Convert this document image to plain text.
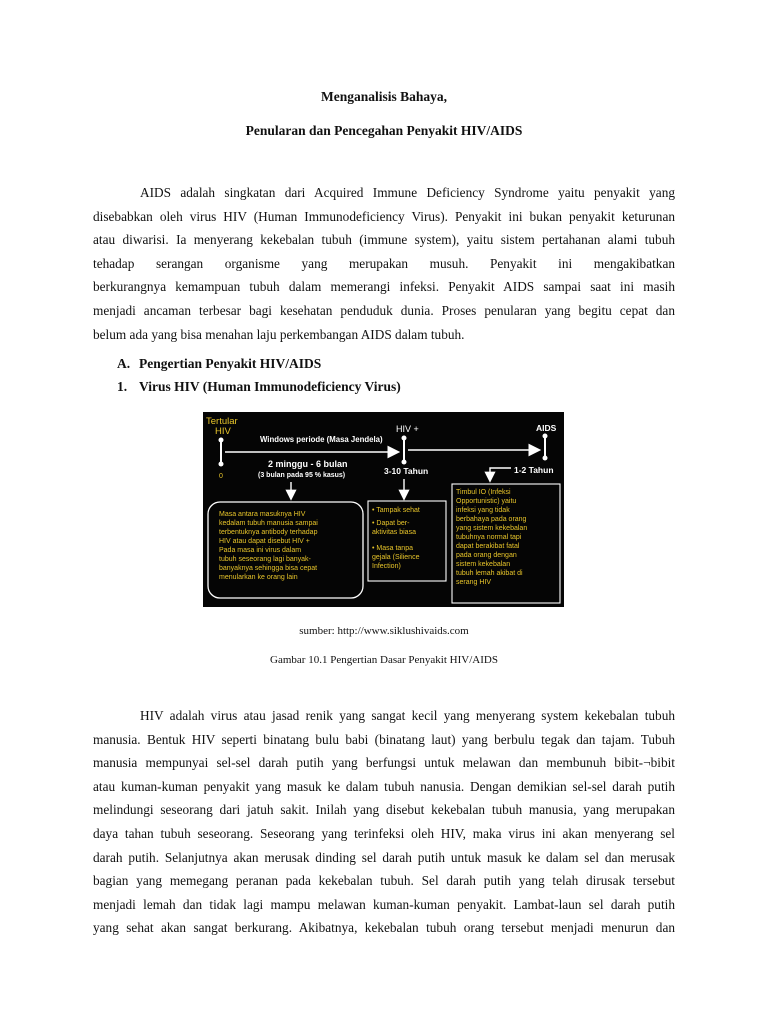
Menganalisis Bahaya,
Penularan dan Pencegahan Penyakit HIV/AIDS
AIDS adalah singkatan dari Acquired Immune Deficiency Syndrome yaitu penyakit yang
disebabkan oleh virus HIV (Human Immunodeficiency Virus). Penyakit ini bukan penyakit keturunan
atau diwarisi. Ia menyerang kekebalan tubuh (immune system), yaitu sistem pertahanan alami tubuh
tehadap serangan organisme yang merupakan musuh. Penyakit ini mengakibatkan
berkurangnya kemampuan tubuh dalam memerangi infeksi. Penyakit AIDS sampai saat ini masih
menjadi ancaman terbesar bagi kesehatan penduduk dunia. Proses penularan yang begitu cepat dan
belum ada yang bisa menahan laju perkembangan AIDS dalam tubuh.
A. Pengertian Penyakit HIV/AIDS
1. Virus HIV (Human Immunodeficiency Virus)
Tertular
HIV
Windows periode (Masa Jendela)
HIV +	AIDS
0
2 minggu - 6 bulan
(3 bulan pada 95 % kasus)	3-10 Tahun	1-2 Tahun
Masa antara masuknya HIV
kedalam tubuh manusia sampai
terbentuknya antibody terhadap
HIV atau dapat disebut HIV +
Pada masa ini virus dalam
tubuh seseorang lagi banyak-
banyaknya sehingga bisa cepat
menularkan ke orang lain
• Tampak sehat
• Dapat ber-
aktivitas biasa
• Masa tanpa
gejala (Silience
Infection)
Timbul IO (Infeksi
Opportunistic) yaitu
infeksi yang tidak
berbahaya pada orang
yang sistem kekebalan
tubuhnya normal tapi
dapat berakibat fatal
pada orang dengan
sistem kekebalan
tubuh lemah akibat di
serang HIV
sumber: http://www.siklushivaids.com
Gambar 10.1 Pengertian Dasar Penyakit HIV/AIDS
HIV adalah virus atau jasad renik yang sangat kecil yang menyerang system kekebalan tubuh
manusia. Bentuk HIV seperti binatang bulu babi (binatang laut) yang berbulu tegak dan tajam. Tubuh
manusia mempunyai sel-sel darah putih yang berfungsi untuk melawan dan membunuh bibit-¬bibit
atau kuman-kuman penyakit yang masuk ke dalam tubuh nanusia. Dengan demikian sel-sel darah putih
melindungi seseorang dari jatuh sakit. Inilah yang disebut kekebalan tubuh manusia, yang merupakan
daya tahan tubuh seseorang. Seseorang yang terinfeksi oleh HIV, maka virus ini akan menyerang sel
darah putih. Selanjutnya akan merusak dinding sel darah putih untuk masuk ke dalam sel dan merusak
bagian yang memegang peranan pada kekebalan tubuh. Sel darah putih yang telah dirusak tersebut
menjadi lemah dan tidak lagi mampu melawan kuman-kuman penyakit. Lambat-laun sel darah putih
yang sehat akan sangat berkurang. Akibatnya, kekebalan tubuh orang tersebut menjadi menurun dan
